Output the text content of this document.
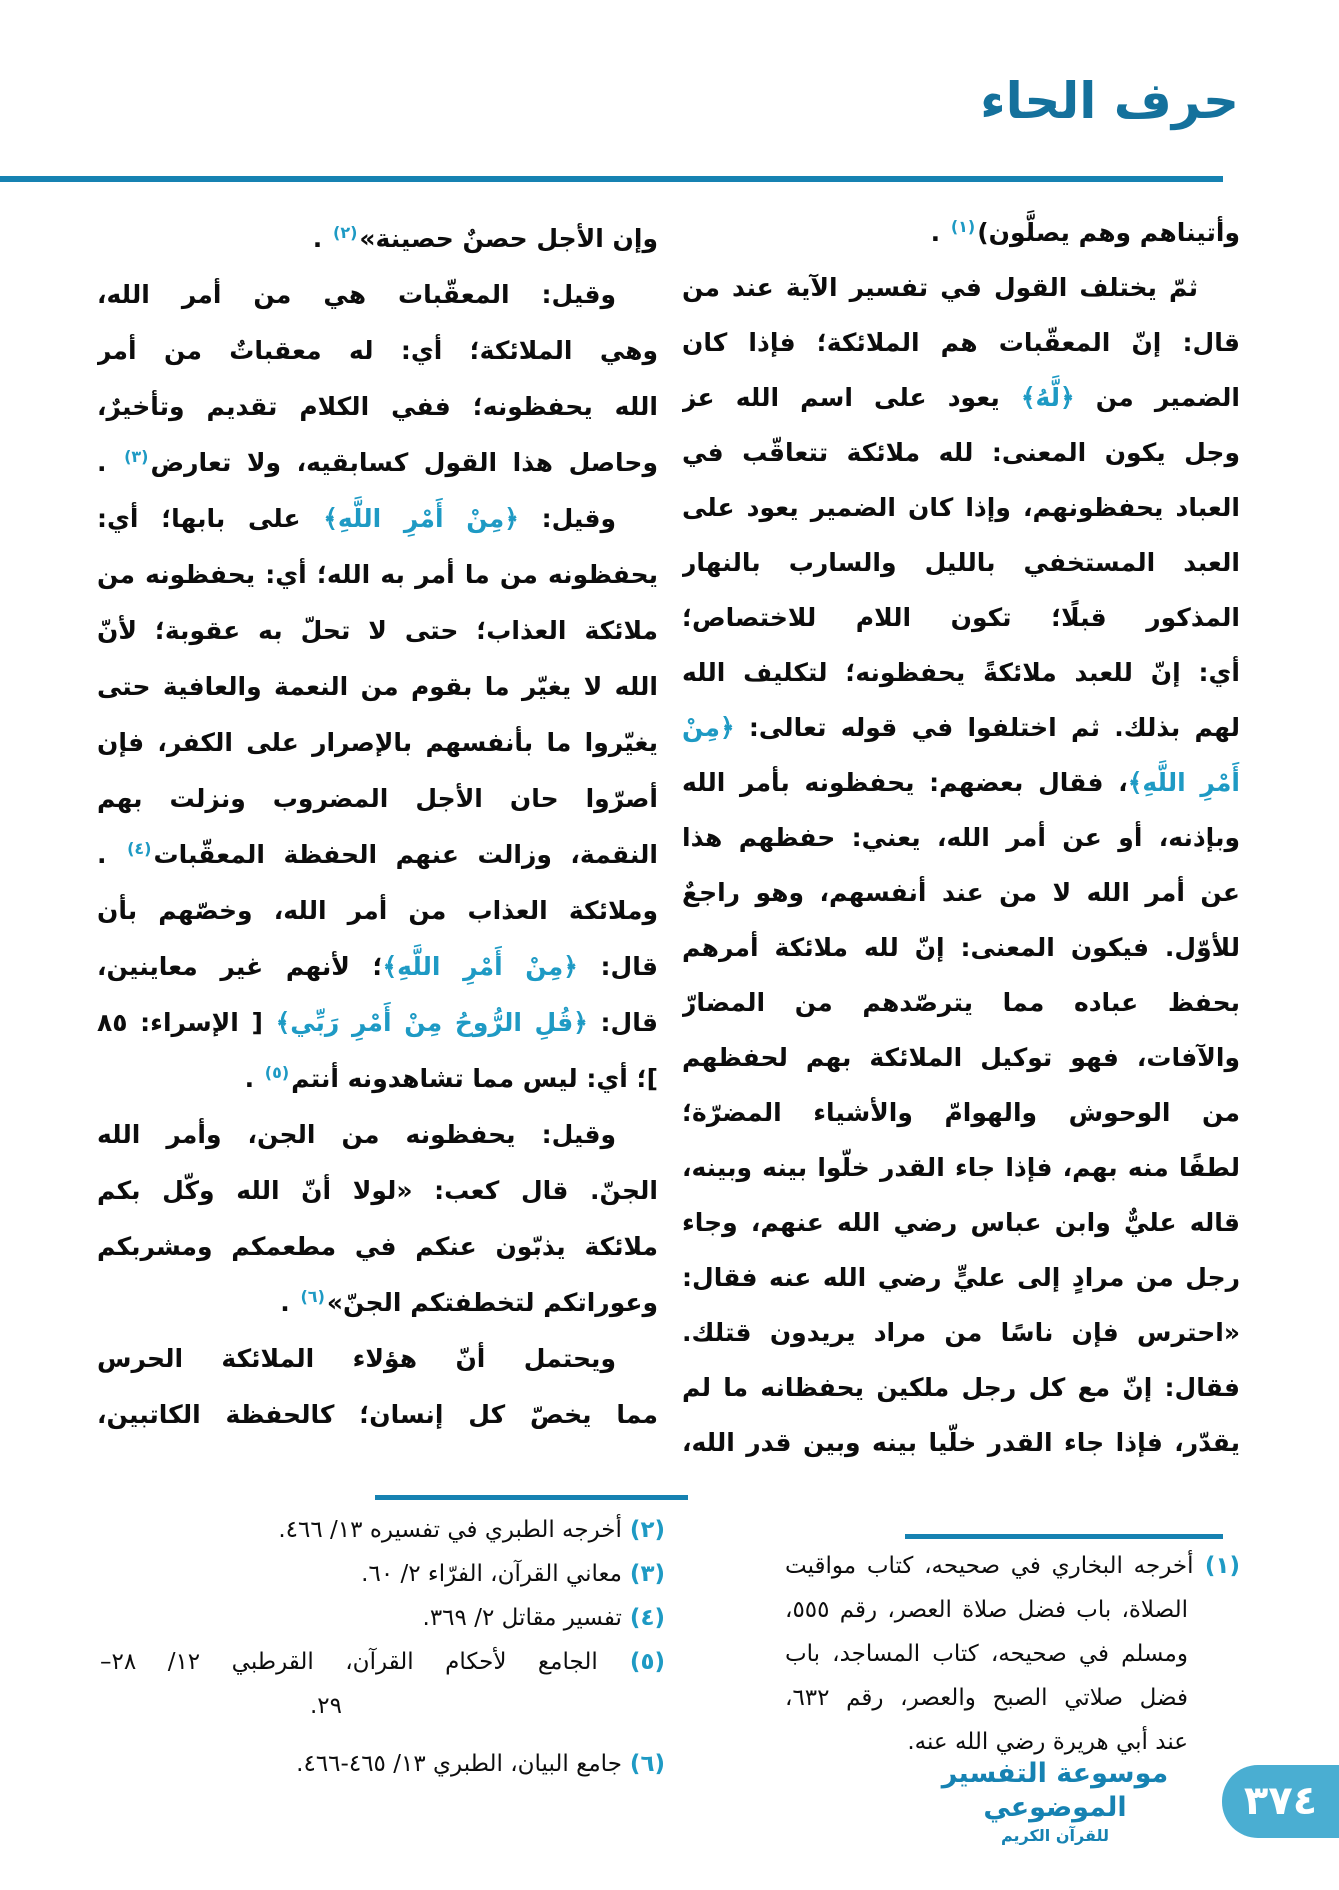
حرف الحاء
وأتيناهم وهم يصلَّون)$^{(١)}$ .
ثمّ يختلف القول في تفسير الآية عند من
قال: إنّ المعقّبات هم الملائكة؛ فإذا كان
الضمير من ﴿لَّهُ﴾ يعود على اسم الله عز
وجل يكون المعنى: لله ملائكة تتعاقّب في
العباد يحفظونهم، وإذا كان الضمير يعود على
العبد المستخفي بالليل والسارب بالنهار
المذكور قبلًا؛ تكون اللام للاختصاص؛
أي: إنّ للعبد ملائكةً يحفظونه؛ لتكليف الله
لهم بذلك. ثم اختلفوا في قوله تعالى: ﴿مِنْ
أَمْرِ اللَّهِ﴾، فقال بعضهم: يحفظونه بأمر الله
وبإذنه، أو عن أمر الله، يعني: حفظهم هذا
عن أمر الله لا من عند أنفسهم، وهو راجعٌ
للأوّل. فيكون المعنى: إنّ لله ملائكة أمرهم
بحفظ عباده مما يترصّدهم من المضارّ
والآفات، فهو توكيل الملائكة بهم لحفظهم
من الوحوش والهوامّ والأشياء المضرّة؛
لطفًا منه بهم، فإذا جاء القدر خلّوا بينه وبينه،
قاله عليٌّ وابن عباس رضي الله عنهم، وجاء
رجل من مرادٍ إلى عليٍّ رضي الله عنه فقال:
«احترس فإن ناسًا من مراد يريدون قتلك.
فقال: إنّ مع كل رجل ملكين يحفظانه ما لم
يقدّر، فإذا جاء القدر خلّيا بينه وبين قدر الله،
وإن الأجل حصنٌ حصينة»$^{(٢)}$ .
وقيل: المعقّبات هي من أمر الله،
وهي الملائكة؛ أي: له معقباتٌ من أمر
الله يحفظونه؛ ففي الكلام تقديم وتأخيرٌ،
وحاصل هذا القول كسابقيه، ولا تعارض$^{(٣)}$ .
وقيل: ﴿مِنْ أَمْرِ اللَّهِ﴾ على بابها؛ أي:
يحفظونه من ما أمر به الله؛ أي: يحفظونه من
ملائكة العذاب؛ حتى لا تحلّ به عقوبة؛ لأنّ
الله لا يغيّر ما بقوم من النعمة والعافية حتى
يغيّروا ما بأنفسهم بالإصرار على الكفر، فإن
أصرّوا حان الأجل المضروب ونزلت بهم
النقمة، وزالت عنهم الحفظة المعقّبات$^{(٤)}$ .
وملائكة العذاب من أمر الله، وخصّهم بأن
قال: ﴿مِنْ أَمْرِ اللَّهِ﴾؛ لأنهم غير معاينين،
قال: ﴿قُلِ الرُّوحُ مِنْ أَمْرِ رَبِّي﴾ [ الإسراء: ٨٥
]؛ أي: ليس مما تشاهدونه أنتم$^{(٥)}$ .
وقيل: يحفظونه من الجن، وأمر الله
الجنّ. قال كعب: «لولا أنّ الله وكّل بكم
ملائكة يذبّون عنكم في مطعمكم ومشربكم
وعوراتكم لتخطفتكم الجنّ»$^{(٦)}$ .
ويحتمل أنّ هؤلاء الملائكة الحرس
مما يخصّ كل إنسان؛ كالحفظة الكاتبين،
(٢) أخرجه الطبري في تفسيره ١٣/ ٤٦٦.
(٣) معاني القرآن، الفرّاء ٢/ ٦٠.
(٤) تفسير مقاتل ٢/ ٣٦٩.
(٥) الجامع لأحكام القرآن، القرطبي ١٢/ ٢٨–
٢٩.
(٦) جامع البيان، الطبري ١٣/ ٤٦٥-٤٦٦.
(١) أخرجه البخاري في صحيحه، كتاب مواقيت
الصلاة، باب فضل صلاة العصر، رقم ٥٥٥،
ومسلم في صحيحه، كتاب المساجد، باب
فضل صلاتي الصبح والعصر، رقم ٦٣٢،
عند أبي هريرة رضي الله عنه.
موسوعة التفسير الموضوعي
للقرآن الكريم
٣٧٤
